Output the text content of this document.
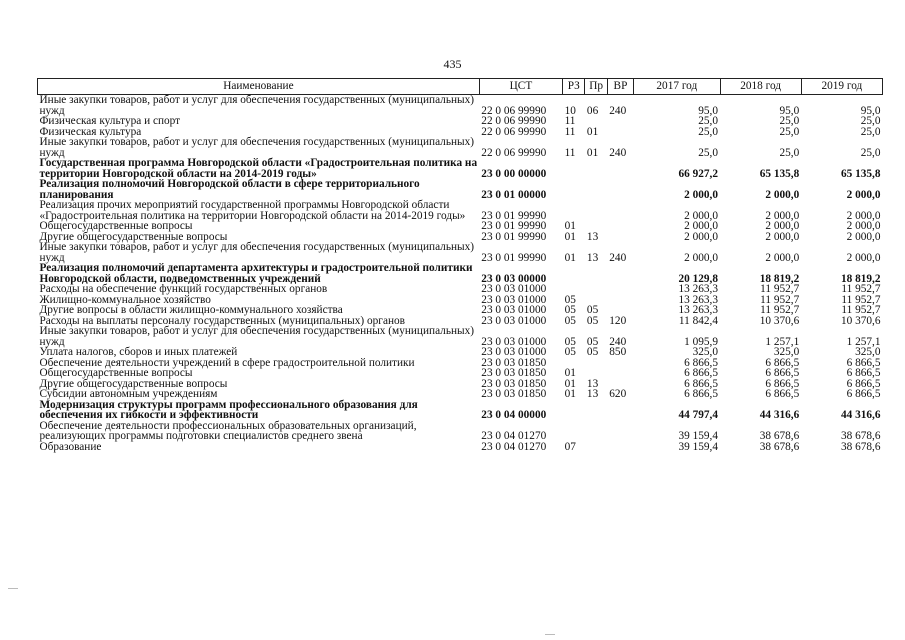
435
Наименование	ЦСТ	РЗ	Пр	ВР	2017 год	2018 год	2019 год
Иные закупки товаров, работ и услуг для обеспечения государственных (муниципальных) нужд	22 0 06 99990	10	06	240	95,0	95,0	95,0
Физическая культура и спорт	22 0 06 99990	11			25,0	25,0	25,0
Физическая культура	22 0 06 99990	11	01		25,0	25,0	25,0
Иные закупки товаров, работ и услуг для обеспечения государственных (муниципальных) нужд	22 0 06 99990	11	01	240	25,0	25,0	25,0
Государственная программа Новгородской области «Градостроительная политика на территории Новгородской области на 2014-2019 годы»	23 0 00 00000				66 927,2	65 135,8	65 135,8
Реализация полномочий Новгородской области в сфере территориального планирования	23 0 01 00000				2 000,0	2 000,0	2 000,0
Реализация прочих мероприятий государственной программы Новгородской области «Градостроительная политика на территории Новгородской области на 2014-2019 годы»	23 0 01 99990				2 000,0	2 000,0	2 000,0
Общегосударственные вопросы	23 0 01 99990	01			2 000,0	2 000,0	2 000,0
Другие общегосударственные вопросы	23 0 01 99990	01	13		2 000,0	2 000,0	2 000,0
Иные закупки товаров, работ и услуг для обеспечения государственных (муниципальных) нужд	23 0 01 99990	01	13	240	2 000,0	2 000,0	2 000,0
Реализация полномочий департамента архитектуры и градостроительной политики Новгородской области, подведомственных учреждений	23 0 03 00000				20 129,8	18 819,2	18 819,2
Расходы на обеспечение функций государственных органов	23 0 03 01000				13 263,3	11 952,7	11 952,7
Жилищно-коммунальное хозяйство	23 0 03 01000	05			13 263,3	11 952,7	11 952,7
Другие вопросы в области жилищно-коммунального хозяйства	23 0 03 01000	05	05		13 263,3	11 952,7	11 952,7
Расходы на выплаты персоналу государственных (муниципальных) органов	23 0 03 01000	05	05	120	11 842,4	10 370,6	10 370,6
Иные закупки товаров, работ и услуг для обеспечения государственных (муниципальных) нужд	23 0 03 01000	05	05	240	1 095,9	1 257,1	1 257,1
Уплата налогов, сборов и иных платежей	23 0 03 01000	05	05	850	325,0	325,0	325,0
Обеспечение деятельности учреждений в сфере градостроительной политики	23 0 03 01850				6 866,5	6 866,5	6 866,5
Общегосударственные вопросы	23 0 03 01850	01			6 866,5	6 866,5	6 866,5
Другие общегосударственные вопросы	23 0 03 01850	01	13		6 866,5	6 866,5	6 866,5
Субсидии автономным учреждениям	23 0 03 01850	01	13	620	6 866,5	6 866,5	6 866,5
Модернизация структуры программ профессионального образования для обеспечения их гибкости и эффективности	23 0 04 00000				44 797,4	44 316,6	44 316,6
Обеспечение деятельности профессиональных образовательных организаций, реализующих программы подготовки специалистов среднего звена	23 0 04 01270				39 159,4	38 678,6	38 678,6
Образование	23 0 04 01270	07			39 159,4	38 678,6	38 678,6
